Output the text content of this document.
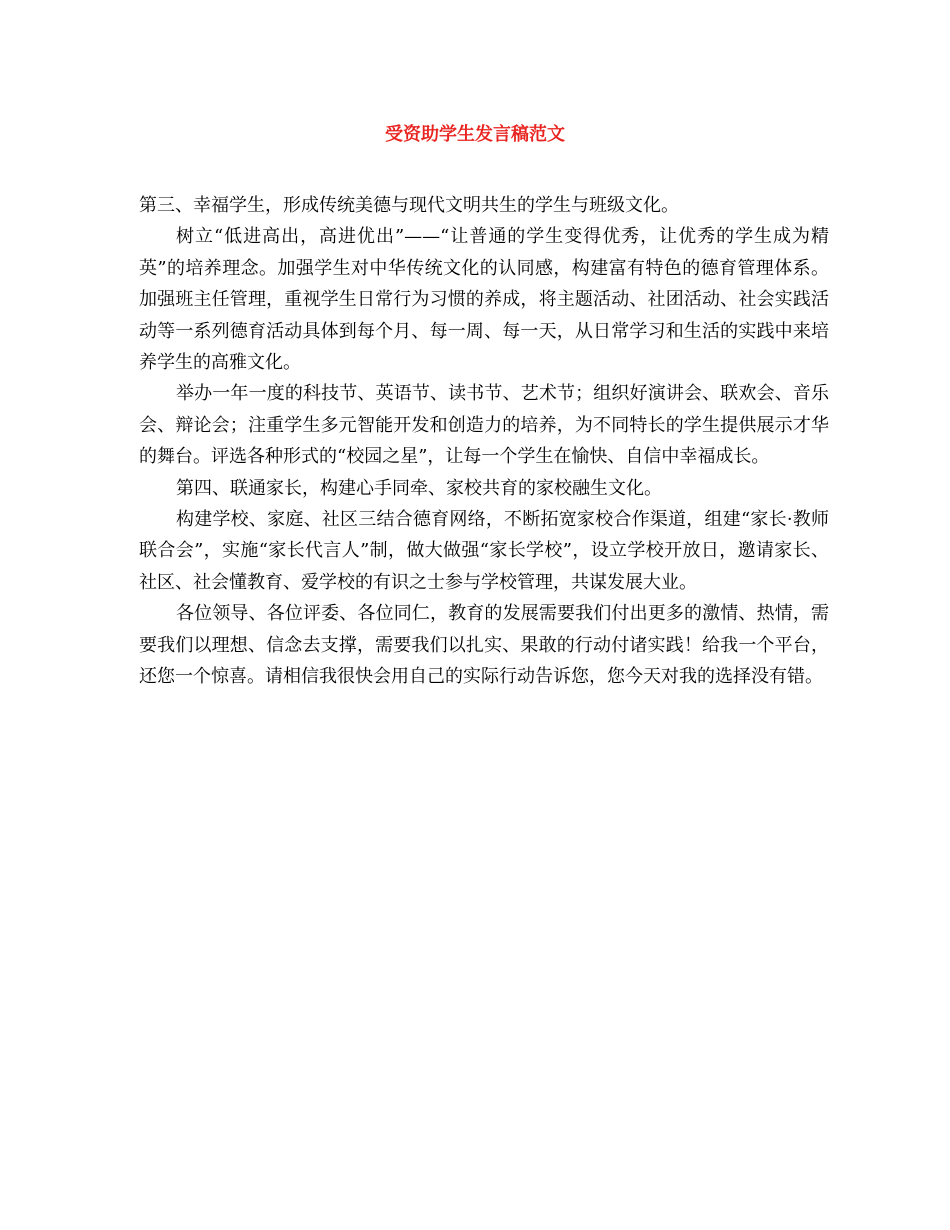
受资助学生发言稿范文

第三、幸福学生，形成传统美德与现代文明共生的学生与班级文化。

树立“低进高出，高进优出”——“让普通的学生变得优秀，让优秀的学生成为精英”的培养理念。加强学生对中华传统文化的认同感，构建富有特色的德育管理体系。加强班主任管理，重视学生日常行为习惯的养成，将主题活动、社团活动、社会实践活动等一系列德育活动具体到每个月、每一周、每一天，从日常学习和生活的实践中来培养学生的高雅文化。

举办一年一度的科技节、英语节、读书节、艺术节；组织好演讲会、联欢会、音乐会、辩论会；注重学生多元智能开发和创造力的培养，为不同特长的学生提供展示才华的舞台。评选各种形式的“校园之星”，让每一个学生在愉快、自信中幸福成长。

第四、联通家长，构建心手同牵、家校共育的家校融生文化。

构建学校、家庭、社区三结合德育网络，不断拓宽家校合作渠道，组建“家长·教师联合会”，实施“家长代言人”制，做大做强“家长学校”，设立学校开放日，邀请家长、社区、社会懂教育、爱学校的有识之士参与学校管理，共谋发展大业。

各位领导、各位评委、各位同仁，教育的发展需要我们付出更多的激情、热情，需要我们以理想、信念去支撑，需要我们以扎实、果敢的行动付诸实践！给我一个平台，还您一个惊喜。请相信我很快会用自己的实际行动告诉您，您今天对我的选择没有错。
